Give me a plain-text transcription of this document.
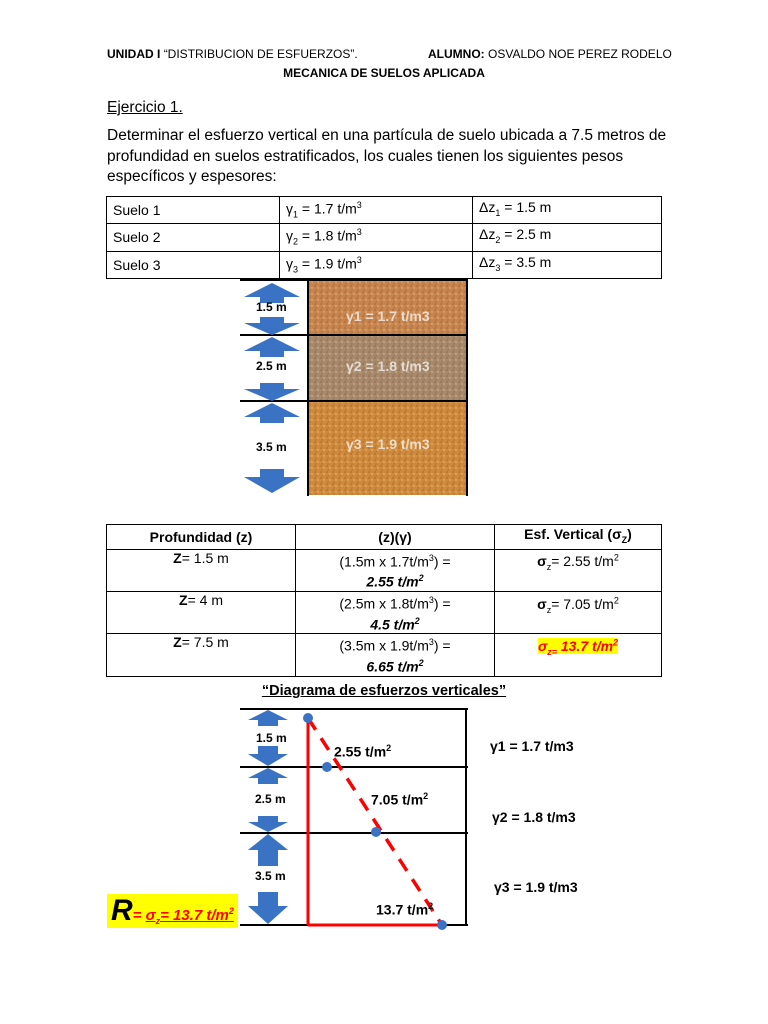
UNIDAD I “DISTRIBUCION DE ESFUERZOS”.	ALUMNO: OSVALDO NOE PEREZ RODELO
MECANICA DE SUELOS APLICADA
Ejercicio 1.
Determinar el esfuerzo vertical en una partícula de suelo ubicada a 7.5 metros de
profundidad en suelos estratificados, los cuales tienen los siguientes pesos
específicos y espesores:
Suelo 1	$\gamma_1 = 1.7$ $t/m^3$	$\Delta z_1 = 1.5$ m
Suelo 2	$\gamma_2 = 1.8$ $t/m^3$	$\Delta z_2 = 2.5$ m
Suelo 3	$\gamma_3 = 1.9$ $t/m^3$	$\Delta z_3 = 3.5$ m
1.5 m
2.5 m
3.5 m
γ1 = 1.7 t/m3
γ2 = 1.8 t/m3
γ3 = 1.9 t/m3
Profundidad (z)	(z)(γ)	Esf. Vertical $(\sigma_Z)$
Z= 1.5 m	(1.5m x $1.7t/m^3$) =
2.55 $t/m^2$	$\sigma_z= 2.55$ $t/m^2$
Z= 4 m	(2.5m x $1.8t/m^3$) =
4.5 $t/m^2$	$\sigma_z= 7.05$ $t/m^2$
Z= 7.5 m	(3.5m x $1.9t/m^3$) =
6.65 $t/m^2$	$\sigma_{z=}$ 13.7 $t/m^2$
“Diagrama de esfuerzos verticales”
1.5 m
2.5 m
3.5 m
2.55 $t/m^2$
7.05 $t/m^2$
13.7 $t/m^2$
γ1 = 1.7 t/m3
γ2 = 1.8 t/m3
γ3 = 1.9 t/m3
$R= \sigma_z= 13.7$ $t/m^2$
